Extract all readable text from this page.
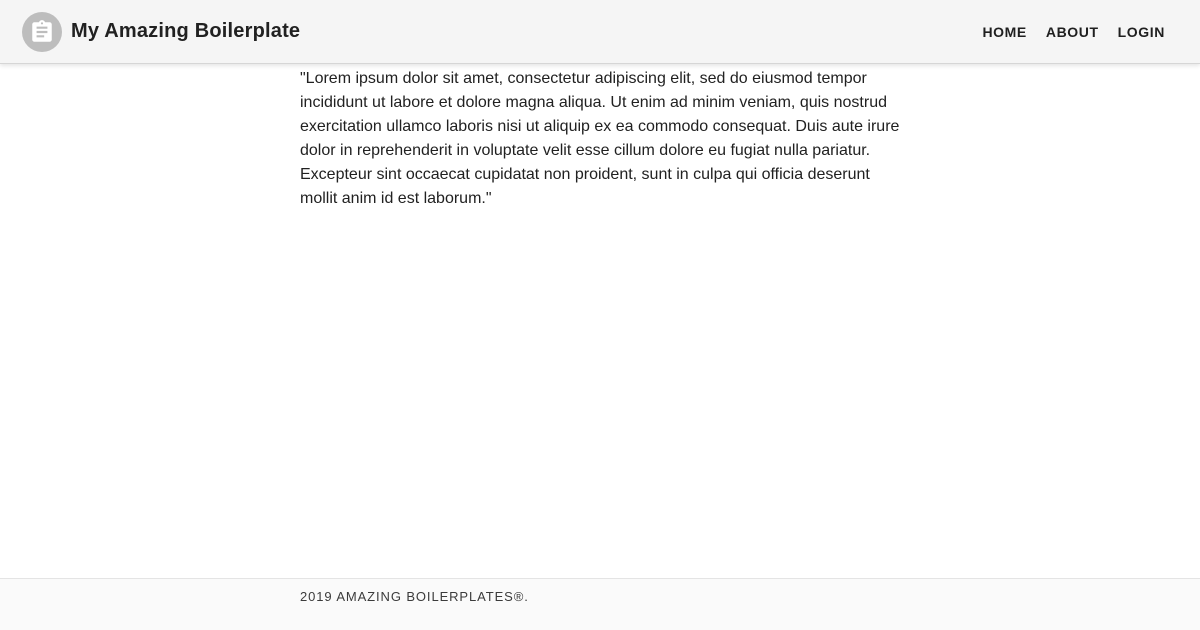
My Amazing Boilerplate	HOME ABOUT LOGIN

"Lorem ipsum dolor sit amet, consectetur adipiscing elit, sed do eiusmod tempor incididunt ut labore et dolore magna aliqua. Ut enim ad minim veniam, quis nostrud exercitation ullamco laboris nisi ut aliquip ex ea commodo consequat. Duis aute irure dolor in reprehenderit in voluptate velit esse cillum dolore eu fugiat nulla pariatur. Excepteur sint occaecat cupidatat non proident, sunt in culpa qui officia deserunt mollit anim id est laborum."

2019 AMAZING BOILERPLATES®.
